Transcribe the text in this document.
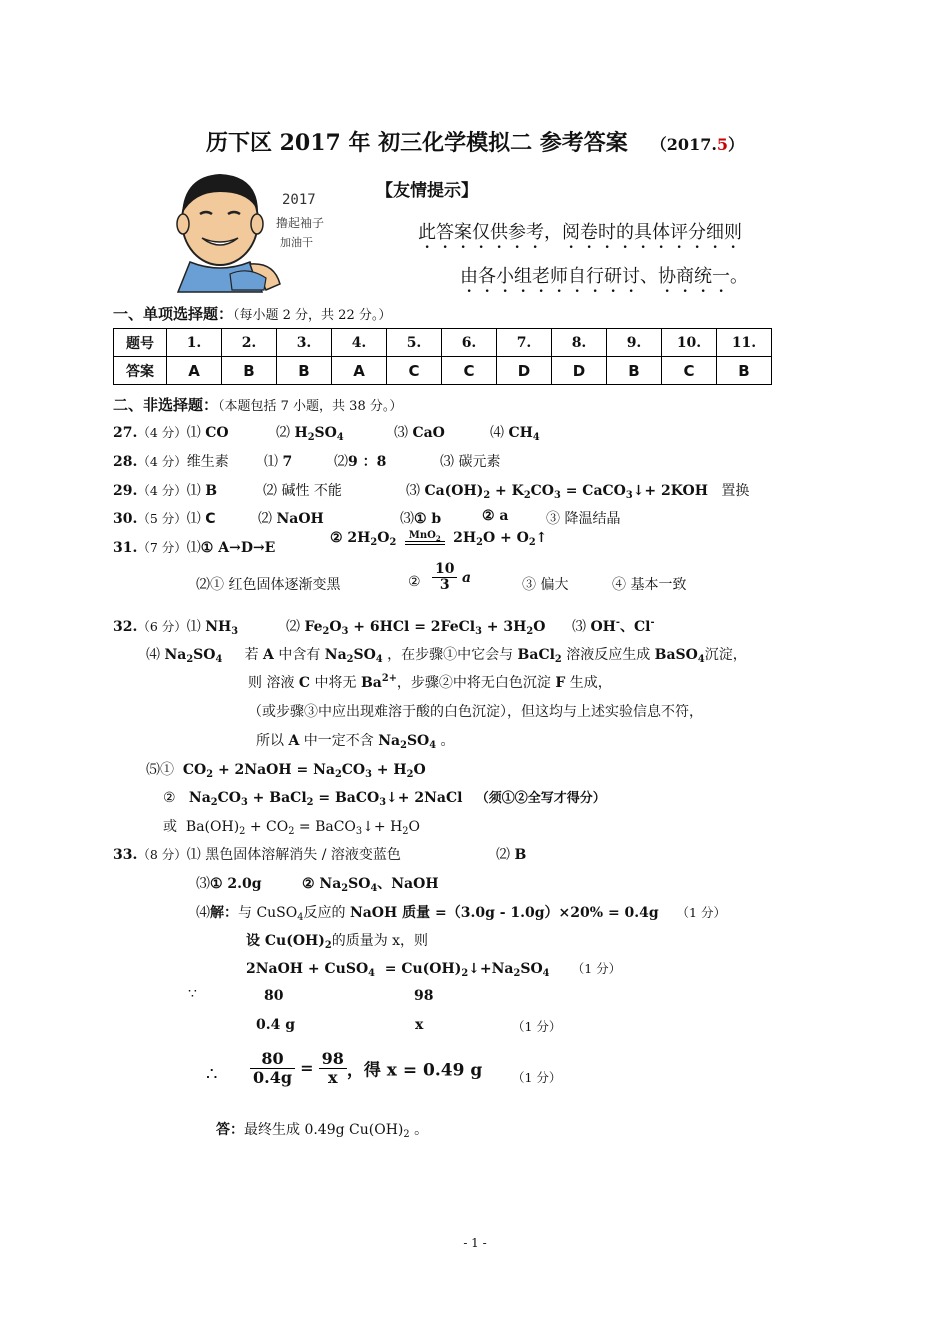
历下区 2017 年 初三化学模拟二 参考答案 （2017.5）
2017
撸起袖子
加油干
【友情提示】
此答案仅供参考，阅卷时的具体评分细则
由各小组老师自行研讨、协商统一。
一、单项选择题：（每小题 2 分，共 22 分。）
题号	1.	2.	3.	4.	5.	6.	7.	8.	9.	10.	11.
答案	A	B	B	A	C	C	D	D	B	C	B
二、非选择题：（本题包括 7 小题，共 38 分。）
27.（4 分）⑴ CO	⑵ $H_2SO_4$	⑶ CaO	⑷ $CH_4$
28.（4 分）维生素	⑴ 7	⑵9 ：8	⑶ 碳元素
29.（4 分）⑴ B	⑵ 碱性 不能	⑶ $Ca(OH)_2 + K_2CO_3$ = CaCO$_3$↓+ 2KOH 置换
30.（5 分）⑴ C	⑵ NaOH	⑶① b	② a	③ 降温结晶
31.（7 分）⑴① A→D→E
② $2H_2O_2$
MnO$_2$ $2H_2O$ + $O_2↑$
⑵① 红色固体逐渐变黑	② $\frac{10}{3}$ a	③ 偏大	④ 基本一致
32.（6 分）⑴ $NH_3$	⑵ $Fe_2O_3 + 6HCl$ = 2FeCl$_3$ + $3H_2O$ ⑶ OH-、Cl-
⑷ $Na_2SO_4$ 若 A 中含有 $Na_2SO_4$ ，在步骤①中它会与 BaCl$_2$ 溶液反应生成 BaSO$_4$沉淀，
则 溶液 C 中将无 $Ba^{2+}$，步骤②中将无白色沉淀 F 生成，
（或步骤③中应出现难溶于酸的白色沉淀），但这均与上述实验信息不符，
所以 A 中一定不含 $Na_2SO_4$ 。
⑸① $CO_2$ + 2NaOH = $Na_2CO_3 + H_2O$
② $Na_2CO_3$ + BaCl$_2$ = BaCO$_3$↓+ 2NaCl （须①②全写才得分）
或 $Ba(OH)_2 + CO_2$ = BaCO$_3$↓+ $H_2O$
33.（8 分）⑴ 黑色固体溶解消失 / 溶液变蓝色	⑵ B
⑶① 2.0g	② $Na_2SO_4$、NaOH
⑷解：与 CuSO$_4$反应的 NaOH 质量 =（3.0g - 1.0g）×20% = 0.4g （1 分）
设 $Cu(OH)_2$的质量为 x，则
2NaOH + CuSO$_4$  = $Cu(OH)_2↓+Na_2SO_4$ （1 分）
∵	80	98
0.4 g	x	（1 分）
∴ $\frac{80}{0.4g} = \frac{98}{x}$ ，得 x = 0.49 g （1 分）
答：最终生成 0.49g $Cu(OH)_2$ 。
- 1 -
